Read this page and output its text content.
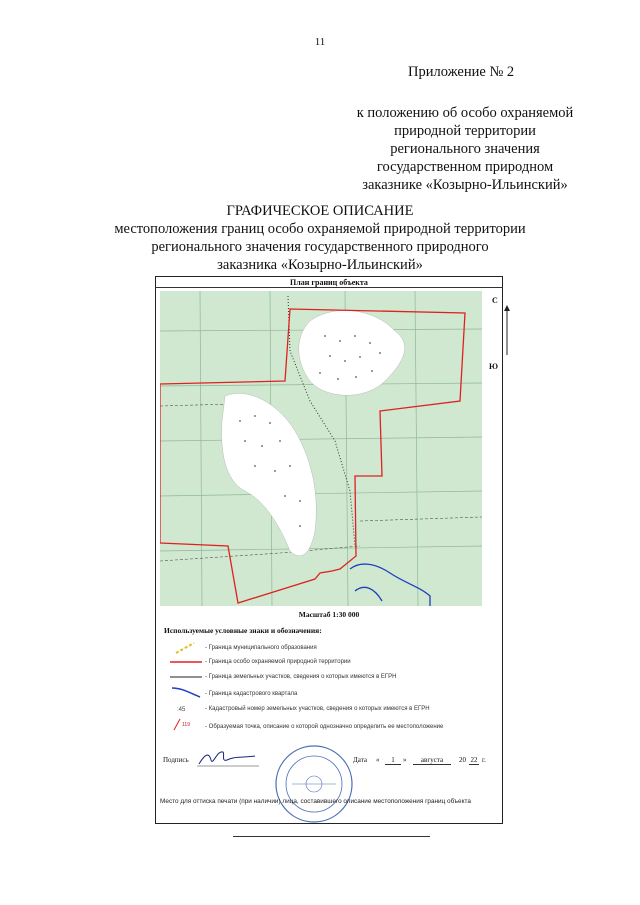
11
Приложение № 2
к положению об особо охраняемой
природной территории
регионального значения
государственном природном
заказнике «Козырно-Ильинский»
ГРАФИЧЕСКОЕ ОПИСАНИЕ
местоположения границ особо охраняемой природной территории
регионального значения государственного природного
заказника «Козырно-Ильинский»
План границ объекта
С
Ю
Масштаб 1:30 000
Используемые условные знаки и обозначения:
- Граница муниципального образования
- Граница особо охраняемой природной территории
- Граница земельных участков, сведения о которых имеются в ЕГРН
- Граница кадастрового квартала
:45	- Кадастровый номер земельных участков, сведения о которых имеются в ЕГРН
119	- Образуемая точка, описание о которой однозначно определить ее местоположение
Подпись	Дата «	1	»	августа	20 22 г.
Место для оттиска печати (при наличии) лица, составившего описание местоположения границ объекта
